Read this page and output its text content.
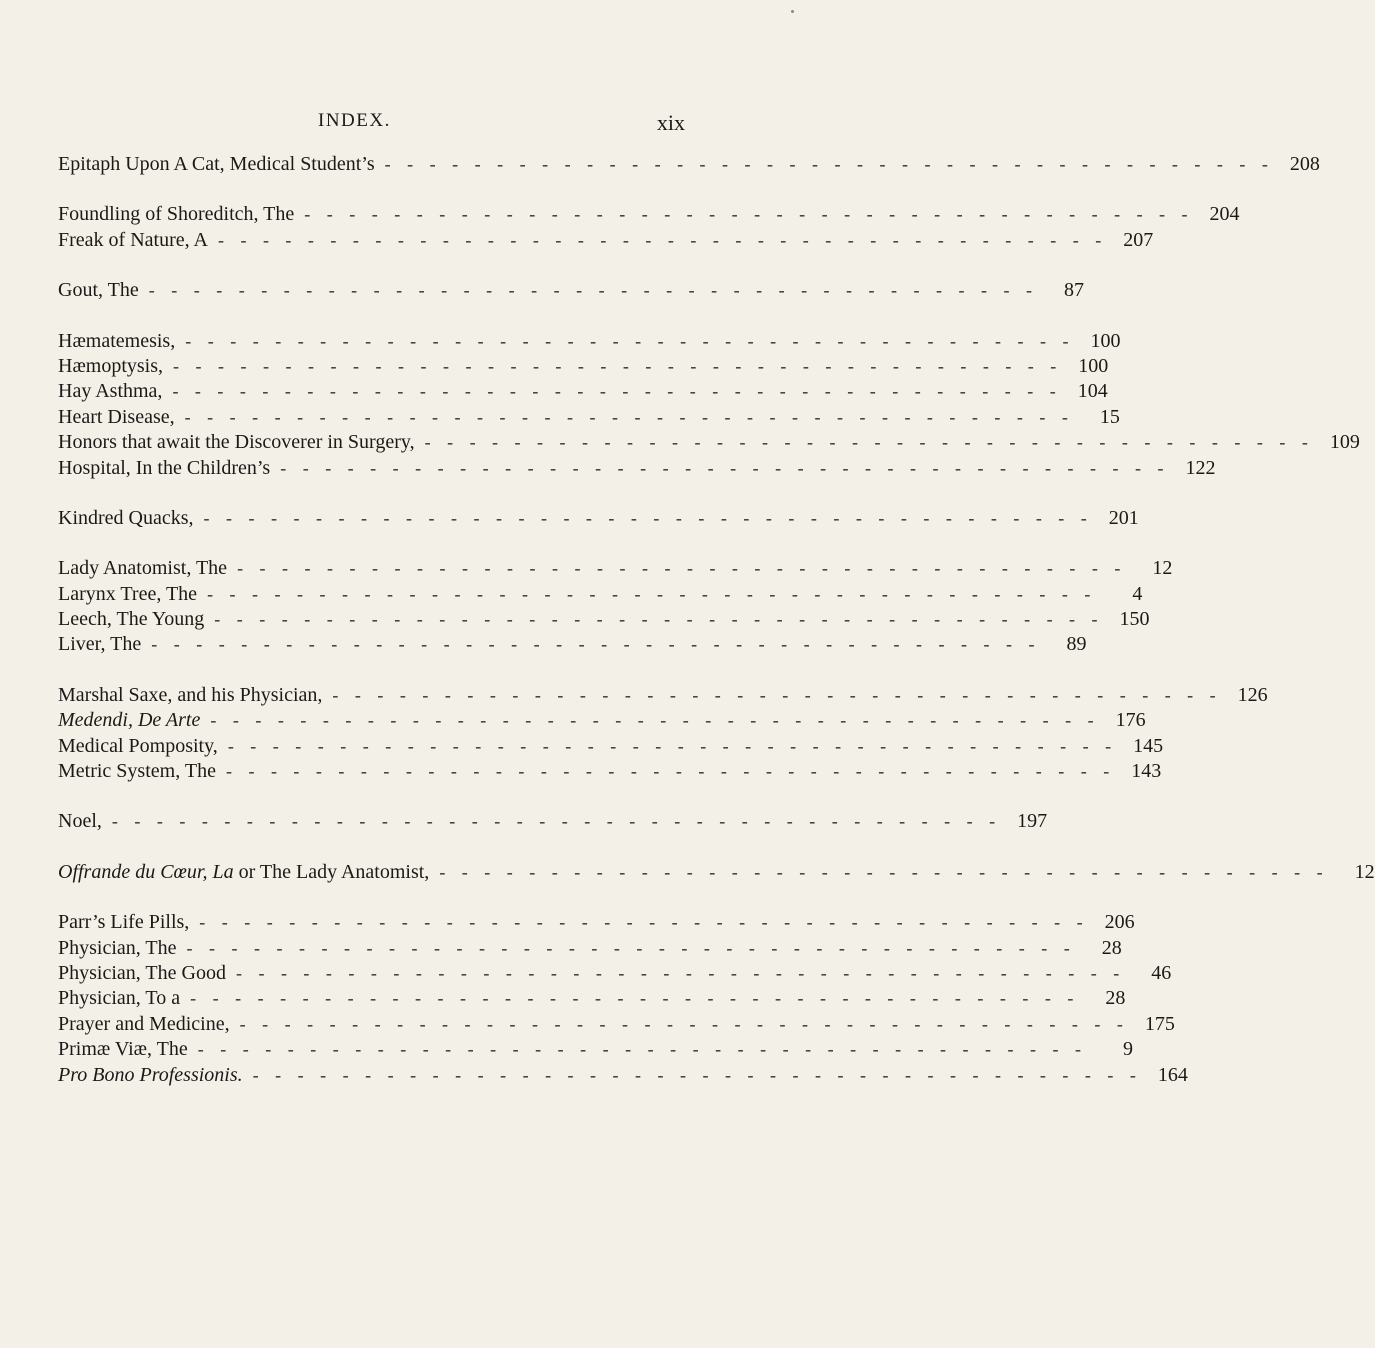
INDEX.	xix
Epitaph Upon A Cat, Medical Student’s - - - - - - - - - - - - - - - - - - - - - - - - - - - - - - - - - - - - - - - - 208
Foundling of Shoreditch, The - - - - - - - - - - - - - - - - - - - - - - - - - - - - - - - - - - - - - - - - 204
Freak of Nature, A - - - - - - - - - - - - - - - - - - - - - - - - - - - - - - - - - - - - - - - - 207
Gout, The - - - - - - - - - - - - - - - - - - - - - - - - - - - - - - - - - - - - - - - -	87
Hæmatemesis, - - - - - - - - - - - - - - - - - - - - - - - - - - - - - - - - - - - - - - - - 100
Hæmoptysis, - - - - - - - - - - - - - - - - - - - - - - - - - - - - - - - - - - - - - - - - 100
Hay Asthma, - - - - - - - - - - - - - - - - - - - - - - - - - - - - - - - - - - - - - - - - 104
Heart Disease, - - - - - - - - - - - - - - - - - - - - - - - - - - - - - - - - - - - - - - - -	15
Honors that await the Discoverer in Surgery, - - - - - - - - - - - - - - - - - - - - - - - - - - - - - - - - - - - - - - - - 109
Hospital, In the Children’s - - - - - - - - - - - - - - - - - - - - - - - - - - - - - - - - - - - - - - - - 122
Kindred Quacks, - - - - - - - - - - - - - - - - - - - - - - - - - - - - - - - - - - - - - - - - 201
Lady Anatomist, The - - - - - - - - - - - - - - - - - - - - - - - - - - - - - - - - - - - - - - - -	12
Larynx Tree, The - - - - - - - - - - - - - - - - - - - - - - - - - - - - - - - - - - - - - - - -	4
Leech, The Young - - - - - - - - - - - - - - - - - - - - - - - - - - - - - - - - - - - - - - - - 150
Liver, The - - - - - - - - - - - - - - - - - - - - - - - - - - - - - - - - - - - - - - - -	89
Marshal Saxe, and his Physician, - - - - - - - - - - - - - - - - - - - - - - - - - - - - - - - - - - - - - - - - 126
Medendi, De Arte - - - - - - - - - - - - - - - - - - - - - - - - - - - - - - - - - - - - - - - - 176
Medical Pomposity, - - - - - - - - - - - - - - - - - - - - - - - - - - - - - - - - - - - - - - - - 145
Metric System, The - - - - - - - - - - - - - - - - - - - - - - - - - - - - - - - - - - - - - - - - 143
Noel, - - - - - - - - - - - - - - - - - - - - - - - - - - - - - - - - - - - - - - - - 197
Offrande du Cœur, La or The Lady Anatomist, - - - - - - - - - - - - - - - - - - - - - - - - - - - - - - - - - - - - - - - -	12
Parr’s Life Pills, - - - - - - - - - - - - - - - - - - - - - - - - - - - - - - - - - - - - - - - - 206
Physician, The - - - - - - - - - - - - - - - - - - - - - - - - - - - - - - - - - - - - - - - -	28
Physician, The Good - - - - - - - - - - - - - - - - - - - - - - - - - - - - - - - - - - - - - - - -	46
Physician, To a - - - - - - - - - - - - - - - - - - - - - - - - - - - - - - - - - - - - - - - -	28
Prayer and Medicine, - - - - - - - - - - - - - - - - - - - - - - - - - - - - - - - - - - - - - - - - 175
Primæ Viæ, The - - - - - - - - - - - - - - - - - - - - - - - - - - - - - - - - - - - - - - - -	9
Pro Bono Professionis. - - - - - - - - - - - - - - - - - - - - - - - - - - - - - - - - - - - - - - - - 164
